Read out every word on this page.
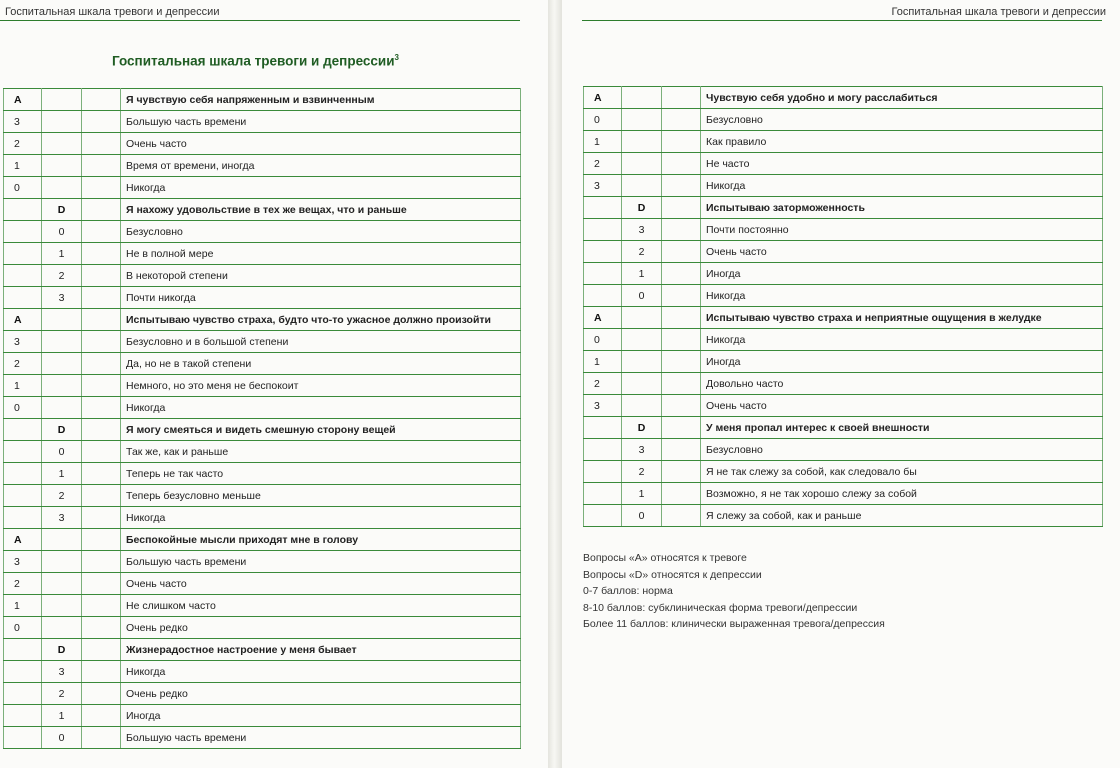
Госпитальная шкала тревоги и депрессии	Госпитальная шкала тревоги и депрессии
Госпитальная шкала тревоги и депрессии$^3$
A			Я чувствую себя напряженным и взвинченным
3			Большую часть времени
2			Очень часто
1			Время от времени, иногда
0			Никогда
	D		Я нахожу удовольствие в тех же вещах, что и раньше
	0		Безусловно
	1		Не в полной мере
	2		В некоторой степени
	3		Почти никогда
A			Испытываю чувство страха, будто что-то ужасное должно произойти
3			Безусловно и в большой степени
2			Да, но не в такой степени
1			Немного, но это меня не беспокоит
0			Никогда
	D		Я могу смеяться и видеть смешную сторону вещей
	0		Так же, как и раньше
	1		Теперь не так часто
	2		Теперь безусловно меньше
	3		Никогда
A			Беспокойные мысли приходят мне в голову
3			Большую часть времени
2			Очень часто
1			Не слишком часто
0			Очень редко
	D		Жизнерадостное настроение у меня бывает
	3		Никогда
	2		Очень редко
	1		Иногда
	0		Большую часть времени
A			Чувствую себя удобно и могу расслабиться
0			Безусловно
1			Как правило
2			Не часто
3			Никогда
	D		Испытываю заторможенность
	3		Почти постоянно
	2		Очень часто
	1		Иногда
	0		Никогда
A			Испытываю чувство страха и неприятные ощущения в желудке
0			Никогда
1			Иногда
2			Довольно часто
3			Очень часто
	D		У меня пропал интерес к своей внешности
	3		Безусловно
	2		Я не так слежу за собой, как следовало бы
	1		Возможно, я не так хорошо слежу за собой
	0		Я слежу за собой, как и раньше
Вопросы «A» относятся к тревоге
Вопросы «D» относятся к депрессии
0-7 баллов: норма
8-10 баллов: субклиническая форма тревоги/депрессии
Более 11 баллов: клинически выраженная тревога/депрессия
